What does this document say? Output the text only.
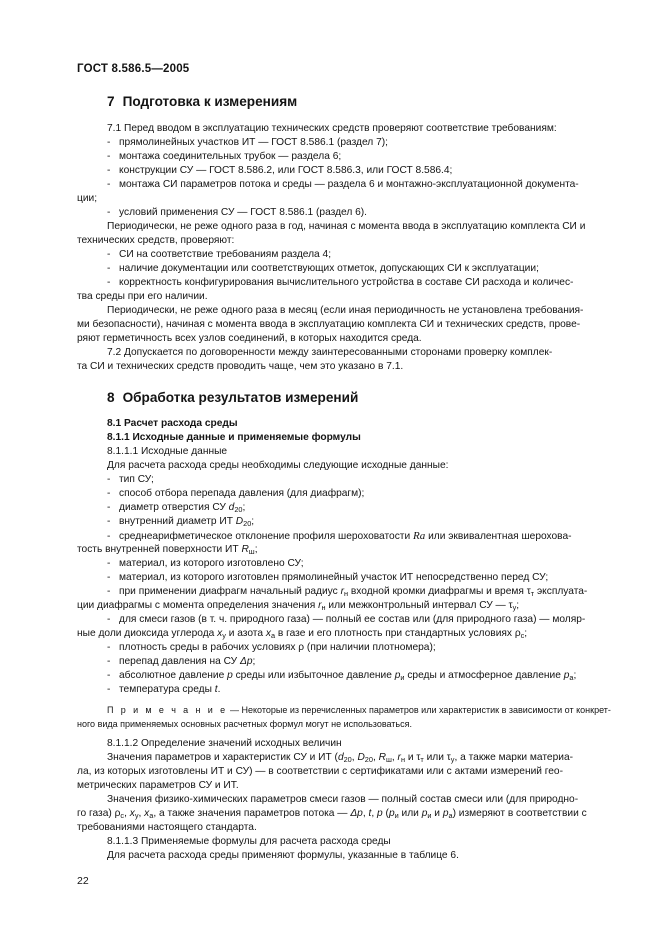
ГОСТ 8.586.5—2005
7 Подготовка к измерениям
7.1 Перед вводом в эксплуатацию технических средств проверяют соответствие требованиям:
- прямолинейных участков ИТ — ГОСТ 8.586.1 (раздел 7);
- монтажа соединительных трубок — раздела 6;
- конструкции СУ — ГОСТ 8.586.2, или ГОСТ 8.586.3, или ГОСТ 8.586.4;
- монтажа СИ параметров потока и среды — раздела 6 и монтажно-эксплуатационной документа-
ции;
- условий применения СУ — ГОСТ 8.586.1 (раздел 6).
Периодически, не реже одного раза в год, начиная с момента ввода в эксплуатацию комплекта СИ и
технических средств, проверяют:
- СИ на соответствие требованиям раздела 4;
- наличие документации или соответствующих отметок, допускающих СИ к эксплуатации;
- корректность конфигурирования вычислительного устройства в составе СИ расхода и количес-
тва среды при его наличии.
Периодически, не реже одного раза в месяц (если иная периодичность не установлена требования-
ми безопасности), начиная с момента ввода в эксплуатацию комплекта СИ и технических средств, прове-
ряют герметичность всех узлов соединений, в которых находится среда.
7.2 Допускается по договоренности между заинтересованными сторонами проверку комплек-
та СИ и технических средств проводить чаще, чем это указано в 7.1.
8 Обработка результатов измерений
8.1 Расчет расхода среды
8.1.1 Исходные данные и применяемые формулы
8.1.1.1 Исходные данные
Для расчета расхода среды необходимы следующие исходные данные:
- тип СУ;
- способ отбора перепада давления (для диафрагм);
- диаметр отверстия СУ $d_{20}$;
- внутренний диаметр ИТ $D_{20}$;
- среднеарифметическое отклонение профиля шероховатости Ra или эквивалентная шерохова-
тость внутренней поверхности ИТ $R_ш$;
- материал, из которого изготовлено СУ;
- материал, из которого изготовлен прямолинейный участок ИТ непосредственно перед СУ;
- при применении диафрагм начальный радиус $r_н$ входной кромки диафрагмы и время $\tau_т$ эксплуата-
ции диафрагмы с момента определения значения $r_н$ или межконтрольный интервал СУ — $\tau_у$;
- для смеси газов (в т. ч. природного газа) — полный ее состав или (для природного газа) — моляр-
ные доли диоксида углерода $x_у$ и азота $x_а$ в газе и его плотность при стандартных условиях $\rho_с$;
- плотность среды в рабочих условиях ρ (при наличии плотномера);
- перепад давления на СУ Δp;
- абсолютное давление p среды или избыточное давление $p_и$ среды и атмосферное давление $p_а$;
- температура среды t.
П р и м е ч а н и е — Некоторые из перечисленных параметров или характеристик в зависимости от конкрет-
ного вида применяемых основных расчетных формул могут не использоваться.
8.1.1.2 Определение значений исходных величин
Значения параметров и характеристик СУ и ИТ ($d_{20}$, $D_{20}$, $R_ш$, $r_н$ и $\tau_т$ или $\tau_у$, а также марки материа-
ла, из которых изготовлены ИТ и СУ) — в соответствии с сертификатами или с актами измерений гео-
метрических параметров СУ и ИТ.
Значения физико-химических параметров смеси газов — полный состав смеси или (для природно-
го газа) $\rho_с$, $x_у$, $x_а$, а также значения параметров потока — Δp, t, p ($p_и$ или $p_и$ и $p_а$) измеряют в соответствии с
требованиями настоящего стандарта.
8.1.1.3 Применяемые формулы для расчета расхода среды
Для расчета расхода среды применяют формулы, указанные в таблице 6.
22
